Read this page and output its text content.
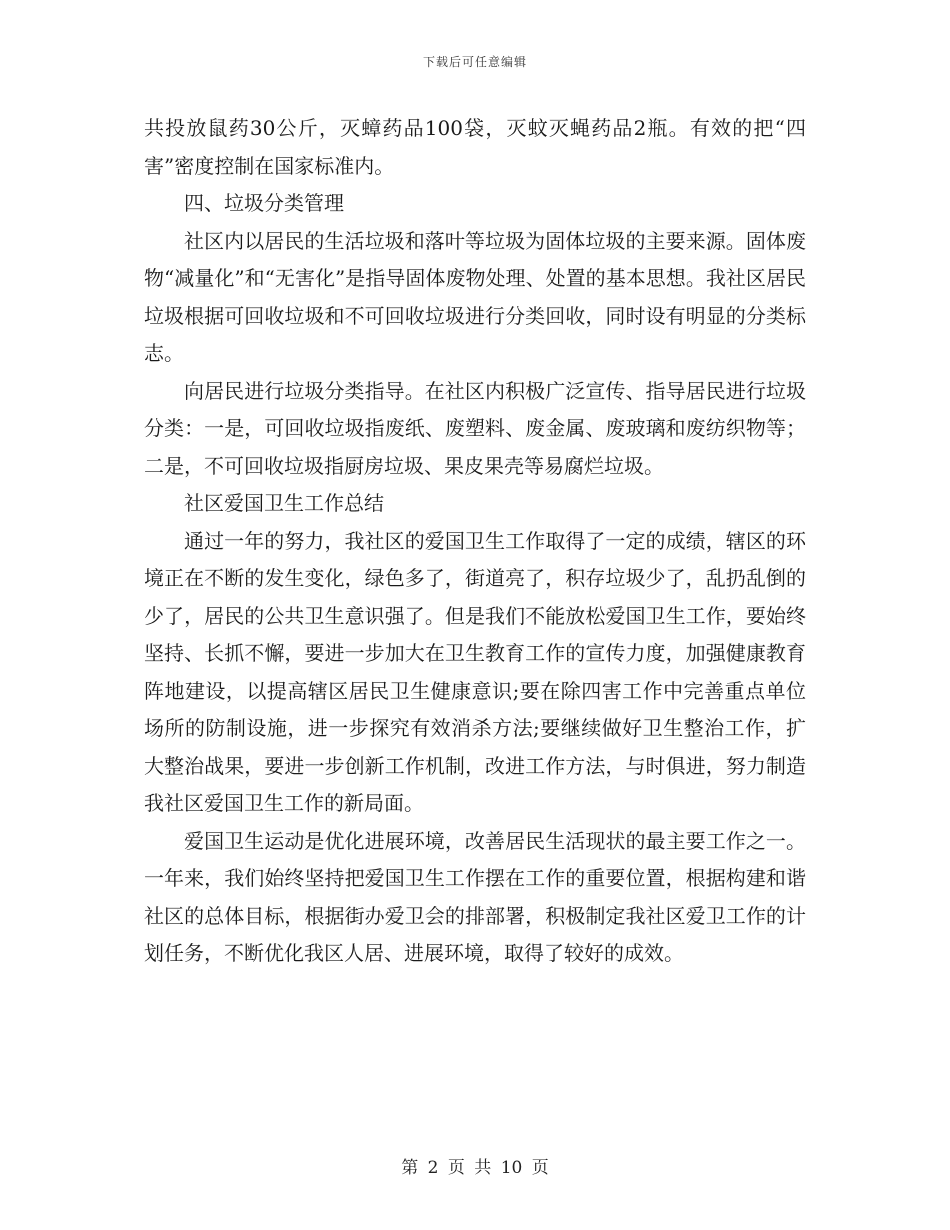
下载后可任意编辑

共投放鼠药30公斤，灭蟑药品100袋，灭蚊灭蝇药品2瓶。有效的把“四害”密度控制在国家标准内。

四、垃圾分类管理

社区内以居民的生活垃圾和落叶等垃圾为固体垃圾的主要来源。固体废物“减量化”和“无害化”是指导固体废物处理、处置的基本思想。我社区居民垃圾根据可回收垃圾和不可回收垃圾进行分类回收，同时设有明显的分类标志。

向居民进行垃圾分类指导。在社区内积极广泛宣传、指导居民进行垃圾分类：一是，可回收垃圾指废纸、废塑料、废金属、废玻璃和废纺织物等；二是，不可回收垃圾指厨房垃圾、果皮果壳等易腐烂垃圾。

社区爱国卫生工作总结

通过一年的努力，我社区的爱国卫生工作取得了一定的成绩，辖区的环境正在不断的发生变化，绿色多了，街道亮了，积存垃圾少了，乱扔乱倒的少了，居民的公共卫生意识强了。但是我们不能放松爱国卫生工作，要始终坚持、长抓不懈，要进一步加大在卫生教育工作的宣传力度，加强健康教育阵地建设，以提高辖区居民卫生健康意识;要在除四害工作中完善重点单位场所的防制设施，进一步探究有效消杀方法;要继续做好卫生整治工作，扩大整治战果，要进一步创新工作机制，改进工作方法，与时俱进，努力制造我社区爱国卫生工作的新局面。

爱国卫生运动是优化进展环境，改善居民生活现状的最主要工作之一。一年来，我们始终坚持把爱国卫生工作摆在工作的重要位置，根据构建和谐社区的总体目标，根据街办爱卫会的排部署，积极制定我社区爱卫工作的计划任务，不断优化我区人居、进展环境，取得了较好的成效。

第 2 页 共 10 页
